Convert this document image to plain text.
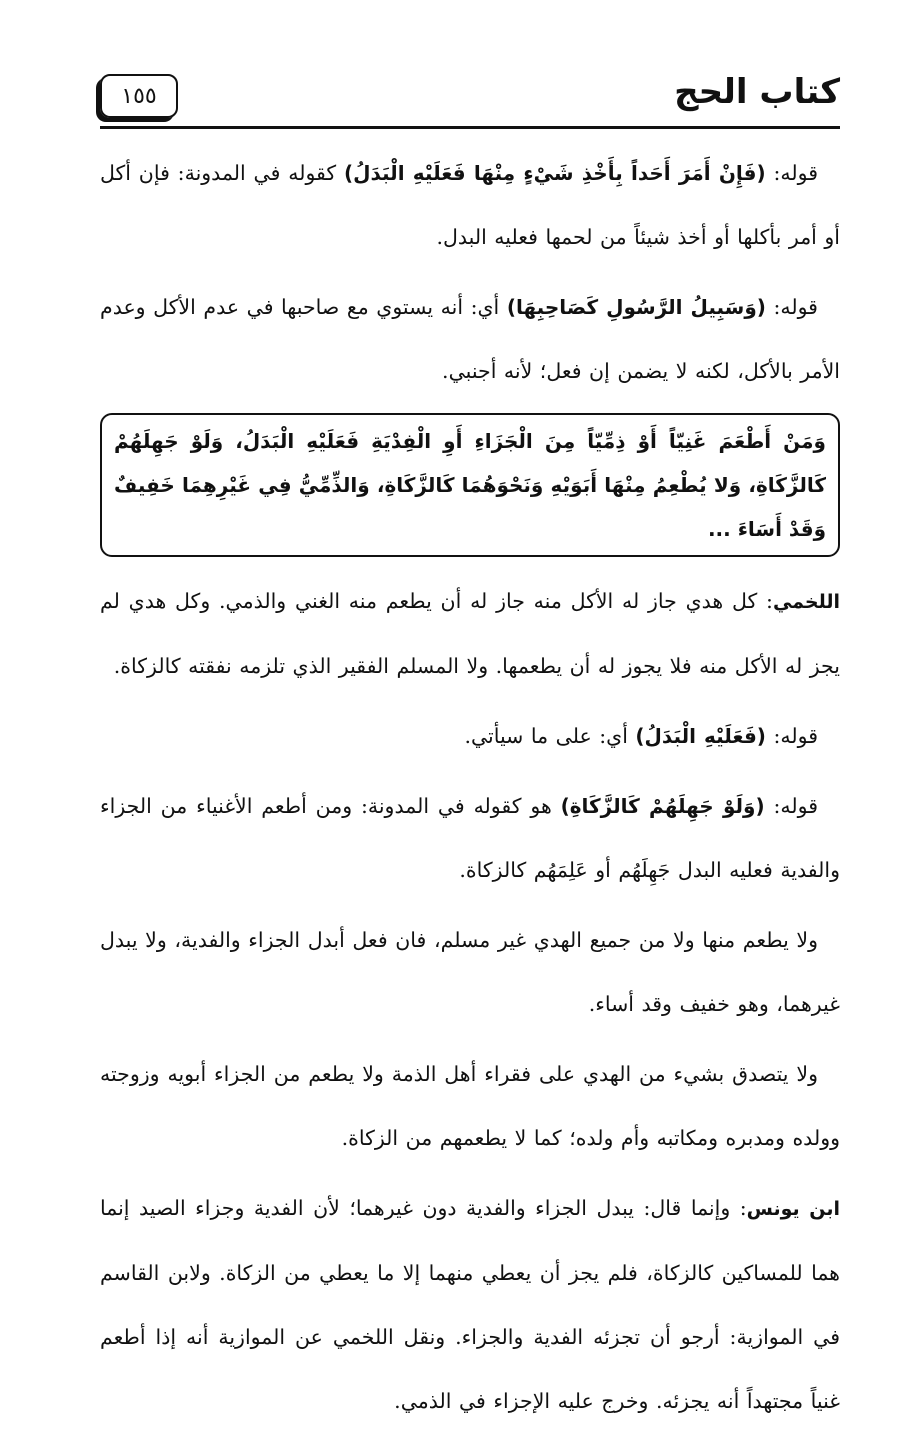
كتاب الحج
١٥٥

قوله: (فَإِنْ أَمَرَ أَحَداً بِأَخْذِ شَيْءٍ مِنْهَا فَعَلَيْهِ الْبَدَلُ) كقوله في المدونة: فإن أكل أو أمر بأكلها أو أخذ شيئاً من لحمها فعليه البدل.

قوله: (وَسَبِيلُ الرَّسُولِ كَصَاحِبِهَا) أي: أنه يستوي مع صاحبها في عدم الأكل وعدم الأمر بالأكل، لكنه لا يضمن إن فعل؛ لأنه أجنبي.

وَمَنْ أَطْعَمَ غَنِيّاً أَوْ ذِمِّيّاً مِنَ الْجَزَاءِ أَوِ الْفِدْيَةِ فَعَلَيْهِ الْبَدَلُ، وَلَوْ جَهِلَهُمْ كَالزَّكَاةِ، وَلا يُطْعِمُ مِنْهَا أَبَوَيْهِ وَنَحْوَهُمَا كَالزَّكَاةِ، وَالذِّمِّيُّ فِي غَيْرِهِمَا خَفِيفٌ وَقَدْ أَسَاءَ ...

اللخمي: كل هدي جاز له الأكل منه جاز له أن يطعم منه الغني والذمي. وكل هدي لم يجز له الأكل منه فلا يجوز له أن يطعمها. ولا المسلم الفقير الذي تلزمه نفقته كالزكاة.

قوله: (فَعَلَيْهِ الْبَدَلُ) أي: على ما سيأتي.

قوله: (وَلَوْ جَهِلَهُمْ كَالزَّكَاةِ) هو كقوله في المدونة: ومن أطعم الأغنياء من الجزاء والفدية فعليه البدل جَهِلَهُم أو عَلِمَهُم كالزكاة.

ولا يطعم منها ولا من جميع الهدي غير مسلم، فان فعل أبدل الجزاء والفدية، ولا يبدل غيرهما، وهو خفيف وقد أساء.

ولا يتصدق بشيء من الهدي على فقراء أهل الذمة ولا يطعم من الجزاء أبويه وزوجته وولده ومدبره ومكاتبه وأم ولده؛ كما لا يطعمهم من الزكاة.

ابن يونس: وإنما قال: يبدل الجزاء والفدية دون غيرهما؛ لأن الفدية وجزاء الصيد إنما هما للمساكين كالزكاة، فلم يجز أن يعطي منهما إلا ما يعطي من الزكاة. ولابن القاسم في الموازية: أرجو أن تجزئه الفدية والجزاء. ونقل اللخمي عن الموازية أنه إذا أطعم غنياً مجتهداً أنه يجزئه. وخرج عليه الإجزاء في الذمي.
